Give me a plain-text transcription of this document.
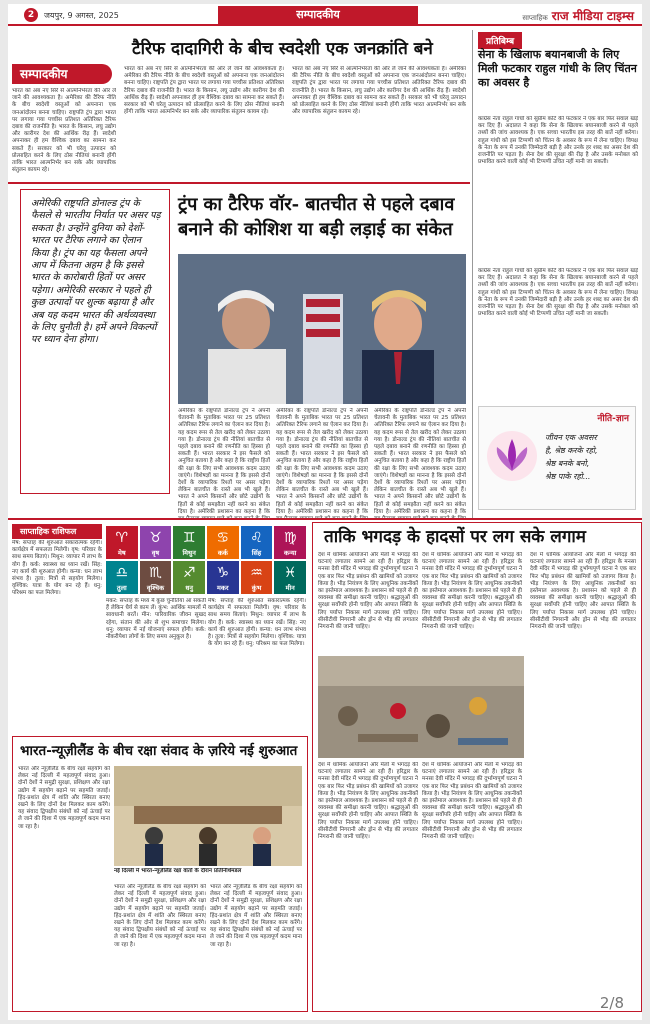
2	जयपुर, 9 अगस्त, 2025	सम्पादकीय	साप्ताहिक राज मीडिया टाइम्स
सम्पादकीय
टैरिफ दादागिरी के बीच स्वदेशी एक जनक्रांति बने
भारत को अब नए सिरे से आत्मनिर्भरता की ओर ले जाने की आवश्यकता है। अमेरिका की टैरिफ नीति के बीच स्वदेशी वस्तुओं को अपनाना एक जनआंदोलन बनना चाहिए। राष्ट्रपति ट्रंप द्वारा भारत पर लगाया गया पच्चीस प्रतिशत अतिरिक्त टैरिफ दबाव की राजनीति है। भारत के किसान, लघु उद्योग और कारीगर देश की आर्थिक रीढ़ हैं। स्वदेशी अपनाकर ही हम वैश्विक दबाव का सामना कर सकते हैं। सरकार को भी घरेलू उत्पादन को प्रोत्साहित करने के लिए ठोस नीतियां बनानी होंगी ताकि भारत आत्मनिर्भर बन सके और व्यापारिक संतुलन कायम रहे।
भारत को अब नए सिरे से आत्मनिर्भरता की ओर ले जाने की आवश्यकता है। अमेरिका की टैरिफ नीति के बीच स्वदेशी वस्तुओं को अपनाना एक जनआंदोलन बनना चाहिए। राष्ट्रपति ट्रंप द्वारा भारत पर लगाया गया पच्चीस प्रतिशत अतिरिक्त टैरिफ दबाव की राजनीति है। भारत के किसान, लघु उद्योग और कारीगर देश की आर्थिक रीढ़ हैं। स्वदेशी अपनाकर ही हम वैश्विक दबाव का सामना कर सकते हैं। सरकार को भी घरेलू उत्पादन को प्रोत्साहित करने के लिए ठोस नीतियां बनानी होंगी ताकि भारत आत्मनिर्भर बन सके और व्यापारिक संतुलन कायम रहे।
भारत को अब नए सिरे से आत्मनिर्भरता की ओर ले जाने की आवश्यकता है। अमेरिका की टैरिफ नीति के बीच स्वदेशी वस्तुओं को अपनाना एक जनआंदोलन बनना चाहिए। राष्ट्रपति ट्रंप द्वारा भारत पर लगाया गया पच्चीस प्रतिशत अतिरिक्त टैरिफ दबाव की राजनीति है। भारत के किसान, लघु उद्योग और कारीगर देश की आर्थिक रीढ़ हैं। स्वदेशी अपनाकर ही हम वैश्विक दबाव का सामना कर सकते हैं। सरकार को भी घरेलू उत्पादन को प्रोत्साहित करने के लिए ठोस नीतियां बनानी होंगी ताकि भारत आत्मनिर्भर बन सके और व्यापारिक संतुलन कायम रहे।
अमेरिकी राष्ट्रपति डोनाल्ड ट्रंप के फैसले से भारतीय निर्यात पर असर पड़ सकता है। उन्होंने दुनिया को देशों-भारत पर टैरिफ लगाने का ऐलान किया है। ट्रंप का यह फैसला अपने आप में कितना अहम है कि इससे भारत के कारोबारी हितों पर असर पड़ेगा। अमेरिकी सरकार ने पहले ही कुछ उत्पादों पर शुल्क बढ़ाया है और अब यह कदम भारत की अर्थव्यवस्था के लिए चुनौती है। हमें अपने विकल्पों पर ध्यान देना होगा।
ट्रंप का टैरिफ वॉर- बातचीत से पहले दबाव बनाने की कोशिश या बड़ी लड़ाई का संकेत
अमेरिका के राष्ट्रपति डोनाल्ड ट्रंप ने अपनी चेतावनी के मुताबिक भारत पर 25 प्रतिशत अतिरिक्त टैरिफ लगाने का ऐलान कर दिया है। यह कदम रूस से तेल खरीद को लेकर उठाया गया है। डोनाल्ड ट्रंप की नीतियां बातचीत से पहले दबाव बनाने की रणनीति का हिस्सा हो सकती हैं। भारत सरकार ने इस फैसले को अनुचित बताया है और कहा है कि राष्ट्रीय हितों की रक्षा के लिए सभी आवश्यक कदम उठाए जाएंगे। विशेषज्ञों का मानना है कि इससे दोनों देशों के व्यापारिक रिश्तों पर असर पड़ेगा लेकिन बातचीत के रास्ते अब भी खुले हैं। भारत ने अपने किसानों और छोटे उद्योगों के हितों से कोई समझौता नहीं करने का संकेत दिया है। अमेरिकी प्रशासन का कहना है कि
अमेरिका के राष्ट्रपति डोनाल्ड ट्रंप ने अपनी चेतावनी के मुताबिक भारत पर 25 प्रतिशत अतिरिक्त टैरिफ लगाने का ऐलान कर दिया है। यह कदम रूस से तेल खरीद को लेकर उठाया गया है। डोनाल्ड ट्रंप की नीतियां बातचीत से पहले दबाव बनाने की रणनीति का हिस्सा हो सकती हैं। भारत सरकार ने इस फैसले को अनुचित बताया है और कहा है कि राष्ट्रीय हितों की रक्षा के लिए सभी आवश्यक कदम उठाए जाएंगे। विशेषज्ञों का मानना है कि इससे दोनों देशों के व्यापारिक रिश्तों पर असर पड़ेगा लेकिन बातचीत के रास्ते अब भी खुले हैं। भारत ने अपने किसानों और छोटे उद्योगों के हितों से कोई समझौता नहीं करने का संकेत दिया है। अमेरिकी प्रशासन का कहना है कि
अमेरिका के राष्ट्रपति डोनाल्ड ट्रंप ने अपनी चेतावनी के मुताबिक भारत पर 25 प्रतिशत अतिरिक्त टैरिफ लगाने का ऐलान कर दिया है। यह कदम रूस से तेल खरीद को लेकर उठाया गया है। डोनाल्ड ट्रंप की नीतियां बातचीत से पहले दबाव बनाने की रणनीति का हिस्सा हो सकती हैं। भारत सरकार ने इस फैसले को अनुचित बताया है और कहा है कि राष्ट्रीय हितों की रक्षा के लिए सभी आवश्यक कदम उठाए जाएंगे। विशेषज्ञों का मानना है कि इससे दोनों देशों के व्यापारिक रिश्तों पर असर पड़ेगा लेकिन बातचीत के रास्ते अब भी खुले हैं। भारत ने अपने किसानों और छोटे उद्योगों के हितों से कोई समझौता नहीं करने का संकेत दिया है। अमेरिकी प्रशासन का कहना है कि
प्रतिबिम्ब
सेना के खिलाफ बयानबाजी के लिए मिली फटकार राहुल गांधी के लिए चिंतन का अवसर है
कांग्रेस नेता राहुल गांधी को सुप्रीम कोर्ट की फटकार ने एक बार फिर सवाल खड़े कर दिए हैं। अदालत ने कहा कि सेना के खिलाफ बयानबाजी करने से पहले तथ्यों की जांच आवश्यक है। एक सच्चा भारतीय इस तरह की बातें नहीं करेगा। राहुल गांधी को इस टिप्पणी को चिंतन के अवसर के रूप में लेना चाहिए। विपक्ष के नेता के रूप में उनकी जिम्मेदारी बड़ी है और उनके हर शब्द का असर देश की राजनीति पर पड़ता है। सेना देश की सुरक्षा की रीढ़ है और उसके मनोबल को प्रभावित करने वाली कोई भी टिप्पणी उचित नहीं मानी जा सकती।
कांग्रेस नेता राहुल गांधी को सुप्रीम कोर्ट की फटकार ने एक बार फिर सवाल खड़े कर दिए हैं। अदालत ने कहा कि सेना के खिलाफ बयानबाजी करने से पहले तथ्यों की जांच आवश्यक है। एक सच्चा भारतीय इस तरह की बातें नहीं करेगा। राहुल गांधी को इस टिप्पणी को चिंतन के अवसर के रूप में लेना चाहिए। विपक्ष के नेता के रूप में उनकी जिम्मेदारी बड़ी है और उनके हर शब्द का असर देश की राजनीति पर पड़ता है। सेना देश की सुरक्षा की रीढ़ है और उसके मनोबल को प्रभावित करने वाली कोई भी टिप्पणी उचित नहीं मानी जा सकती।
नीति-ज्ञान
जीवन एक अवसर
है, श्रेष्ठ करके रहो,
श्रेष्ठ बनके बनो,
श्रेष्ठ पाके रहो...
साप्ताहिक राशिफल	♈
मेष
♉
वृष
♊
मिथुन
♋
कर्क
♌
सिंह
♍
कन्या
♎
तुला
♏
वृश्चिक
♐
धनु
♑
मकर
♒
कुंभ
♓
मीन
मेष: सप्ताह की शुरुआत सकारात्मक रहेगी। कार्यक्षेत्र में सफलता मिलेगी। वृष: परिवार के साथ समय बिताएं। मिथुन: व्यापार में लाभ के योग हैं। कर्क: स्वास्थ्य का ध्यान रखें। सिंह: नए कार्य की शुरुआत होगी। कन्या: धन लाभ संभव है। तुला: मित्रों से सहयोग मिलेगा। वृश्चिक: यात्रा के योग बन रहे हैं। धनु: परिश्रम का फल मिलेगा।
मकर: सप्ताह के मध्य में कुछ चुनौतियां आ सकती हैं लेकिन धैर्य से काम लें। कुंभ: आर्थिक मामलों में सावधानी बरतें। मीन: पारिवारिक जीवन सुखद रहेगा, संतान की ओर से शुभ समाचार मिलेगा। धनु: व्यापार में नई योजनाएं सफल होंगी। कर्क: नौकरीपेशा लोगों के लिए समय अनुकूल है।
मेष: सप्ताह की शुरुआत सकारात्मक रहेगी। कार्यक्षेत्र में सफलता मिलेगी। वृष: परिवार के साथ समय बिताएं। मिथुन: व्यापार में लाभ के योग हैं। कर्क: स्वास्थ्य का ध्यान रखें। सिंह: नए कार्य की शुरुआत होगी। कन्या: धन लाभ संभव है। तुला: मित्रों से सहयोग मिलेगा। वृश्चिक: यात्रा के योग बन रहे हैं। धनु: परिश्रम का फल मिलेगा।
ताकि भगदड़ के हादसों पर लग सके लगाम
देश में धार्मिक आयोजनों और मेलों में भगदड़ की घटनाएं लगातार सामने आ रही हैं। हरिद्वार के मनसा देवी मंदिर में भगदड़ की दुर्भाग्यपूर्ण घटना ने एक बार फिर भीड़ प्रबंधन की खामियों को उजागर किया है। भीड़ नियंत्रण के लिए आधुनिक तकनीकों का इस्तेमाल आवश्यक है। प्रशासन को पहले से ही व्यवस्था की समीक्षा करनी चाहिए। श्रद्धालुओं की सुरक्षा सर्वोपरि होनी चाहिए और आपात स्थिति के लिए पर्याप्त निकास मार्ग उपलब्ध होने चाहिए। सीसीटीवी निगरानी और ड्रोन से भीड़ की लगातार निगरानी की जानी चाहिए।
देश में धार्मिक आयोजनों और मेलों में भगदड़ की घटनाएं लगातार सामने आ रही हैं। हरिद्वार के मनसा देवी मंदिर में भगदड़ की दुर्भाग्यपूर्ण घटना ने एक बार फिर भीड़ प्रबंधन की खामियों को उजागर किया है। भीड़ नियंत्रण के लिए आधुनिक तकनीकों का इस्तेमाल आवश्यक है। प्रशासन को पहले से ही व्यवस्था की समीक्षा करनी चाहिए। श्रद्धालुओं की सुरक्षा सर्वोपरि होनी चाहिए और आपात स्थिति के लिए पर्याप्त निकास मार्ग उपलब्ध होने चाहिए। सीसीटीवी निगरानी और ड्रोन से भीड़ की लगातार निगरानी की जानी चाहिए।
देश में धार्मिक आयोजनों और मेलों में भगदड़ की घटनाएं लगातार सामने आ रही हैं। हरिद्वार के मनसा देवी मंदिर में भगदड़ की दुर्भाग्यपूर्ण घटना ने एक बार फिर भीड़ प्रबंधन की खामियों को उजागर किया है। भीड़ नियंत्रण के लिए आधुनिक तकनीकों का इस्तेमाल आवश्यक है। प्रशासन को पहले से ही व्यवस्था की समीक्षा करनी चाहिए। श्रद्धालुओं की सुरक्षा सर्वोपरि होनी चाहिए और आपात स्थिति के लिए पर्याप्त निकास मार्ग उपलब्ध होने चाहिए। सीसीटीवी निगरानी और ड्रोन से भीड़ की लगातार निगरानी की जानी चाहिए।
देश में धार्मिक आयोजनों और मेलों में भगदड़ की घटनाएं लगातार सामने आ रही हैं। हरिद्वार के मनसा देवी मंदिर में भगदड़ की दुर्भाग्यपूर्ण घटना ने एक बार फिर भीड़ प्रबंधन की खामियों को उजागर किया है। भीड़ नियंत्रण के लिए आधुनिक तकनीकों का इस्तेमाल आवश्यक है। प्रशासन को पहले से ही व्यवस्था की समीक्षा करनी चाहिए। श्रद्धालुओं की सुरक्षा सर्वोपरि होनी चाहिए और आपात स्थिति के लिए पर्याप्त निकास मार्ग उपलब्ध होने चाहिए। सीसीटीवी निगरानी और ड्रोन से भीड़ की लगातार निगरानी की जानी चाहिए।
देश में धार्मिक आयोजनों और मेलों में भगदड़ की घटनाएं लगातार सामने आ रही हैं। हरिद्वार के मनसा देवी मंदिर में भगदड़ की दुर्भाग्यपूर्ण घटना ने एक बार फिर भीड़ प्रबंधन की खामियों को उजागर किया है। भीड़ नियंत्रण के लिए आधुनिक तकनीकों का इस्तेमाल आवश्यक है। प्रशासन को पहले से ही व्यवस्था की समीक्षा करनी चाहिए। श्रद्धालुओं की सुरक्षा सर्वोपरि होनी चाहिए और आपात स्थिति के लिए पर्याप्त निकास मार्ग उपलब्ध होने चाहिए। सीसीटीवी निगरानी और ड्रोन से भीड़ की लगातार निगरानी की जानी चाहिए।
भारत-न्यूज़ीलैंड के बीच रक्षा संवाद के ज़रिये नई शुरुआत
भारत और न्यूज़ीलैंड के बीच रक्षा सहयोग को लेकर नई दिल्ली में महत्वपूर्ण संवाद हुआ। दोनों देशों ने समुद्री सुरक्षा, प्रशिक्षण और रक्षा उद्योग में सहयोग बढ़ाने पर सहमति जताई। हिंद-प्रशांत क्षेत्र में शांति और स्थिरता बनाए रखने के लिए दोनों देश मिलकर काम करेंगे। यह संवाद द्विपक्षीय संबंधों को नई ऊंचाई पर ले जाने की दिशा में एक महत्वपूर्ण कदम माना जा रहा है।
नई दिल्ली में भारत-न्यूज़ीलैंड रक्षा वार्ता के दौरान प्रतिनिधिमंडल
भारत और न्यूज़ीलैंड के बीच रक्षा सहयोग को लेकर नई दिल्ली में महत्वपूर्ण संवाद हुआ। दोनों देशों ने समुद्री सुरक्षा, प्रशिक्षण और रक्षा उद्योग में सहयोग बढ़ाने पर सहमति जताई। हिंद-प्रशांत क्षेत्र में शांति और स्थिरता बनाए रखने के लिए दोनों देश मिलकर काम करेंगे। यह संवाद द्विपक्षीय संबंधों को नई ऊंचाई पर ले जाने की दिशा में एक महत्वपूर्ण कदम माना जा रहा है।
भारत और न्यूज़ीलैंड के बीच रक्षा सहयोग को लेकर नई दिल्ली में महत्वपूर्ण संवाद हुआ। दोनों देशों ने समुद्री सुरक्षा, प्रशिक्षण और रक्षा उद्योग में सहयोग बढ़ाने पर सहमति जताई। हिंद-प्रशांत क्षेत्र में शांति और स्थिरता बनाए रखने के लिए दोनों देश मिलकर काम करेंगे। यह संवाद द्विपक्षीय संबंधों को नई ऊंचाई पर ले जाने की दिशा में एक महत्वपूर्ण कदम माना जा रहा है।
2/8
